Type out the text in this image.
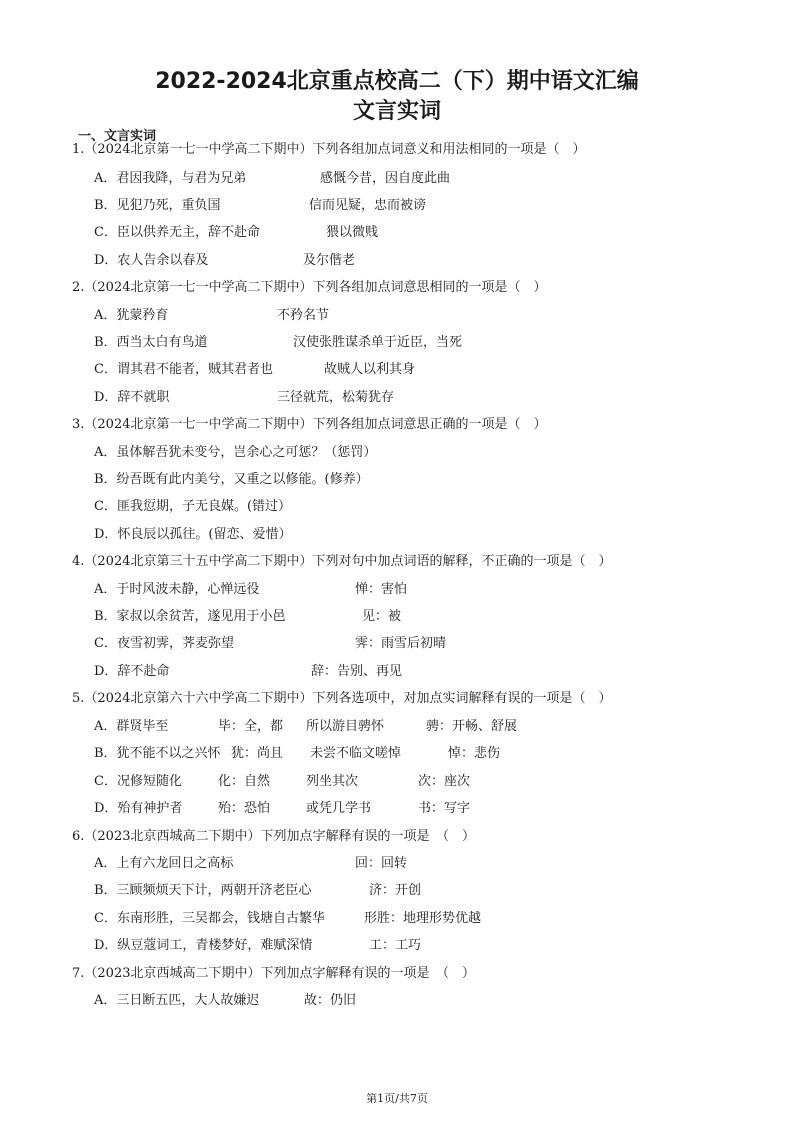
2022-2024北京重点校高二（下）期中语文汇编
文言实词
一、文言实词
1.（2024北京第一七一中学高二下期中）下列各组加点词意义和用法相同的一项是（　）
A．君因我降，与君为兄弟	感慨今昔，因自度此曲
B．见犯乃死，重负国	信而见疑，忠而被谤
C．臣以供养无主，辞不赴命	猥以微贱
D．农人告余以春及	及尔偕老
2.（2024北京第一七一中学高二下期中）下列各组加点词意思相同的一项是（　）
A．犹蒙矜育	不矜名节
B．西当太白有鸟道	汉使张胜谋杀单于近臣，当死
C．谓其君不能者，贼其君者也	故贼人以利其身
D．辞不就职	三径就荒，松菊犹存
3.（2024北京第一七一中学高二下期中）下列各组加点词意思正确的一项是（　）
A．虽体解吾犹未变兮，岂余心之可惩？（惩罚）
B．纷吾既有此内美兮，又重之以修能。(修养）
C．匪我愆期，子无良媒。(错过）
D．怀良辰以孤往。(留恋、爱惜）
4.（2024北京第三十五中学高二下期中）下列对句中加点词语的解释，不正确的一项是（　）
A．于时风波未静，心惮远役	惮：害怕
B．家叔以余贫苦，遂见用于小邑	见：被
C．夜雪初霁，荠麦弥望	霁：雨雪后初晴
D．辞不赴命	辞：告别、再见
5.（2024北京第六十六中学高二下期中）下列各选项中，对加点实词解释有误的一项是（　）
A．群贤毕至	毕：全，都 所以游目骋怀	骋：开畅、舒展
B．犹不能不以之兴怀 犹：尚且 未尝不临文嗟悼	悼：悲伤
C．况修短随化	化：自然	列坐其次	次：座次
D．殆有神护者	殆：恐怕	或凭几学书	书：写字
6.（2023北京西城高二下期中）下列加点字解释有误的一项是　（　）
A．上有六龙回日之高标	回：回转
B．三顾频烦天下计，两朝开济老臣心	济：开创
C．东南形胜，三吴都会，钱塘自古繁华	形胜：地理形势优越
D．纵豆蔻词工，青楼梦好，难赋深情	工：工巧
7.（2023北京西城高二下期中）下列加点字解释有误的一项是　（　）
A．三日断五匹，大人故嫌迟	故：仍旧
第1页/共7页
